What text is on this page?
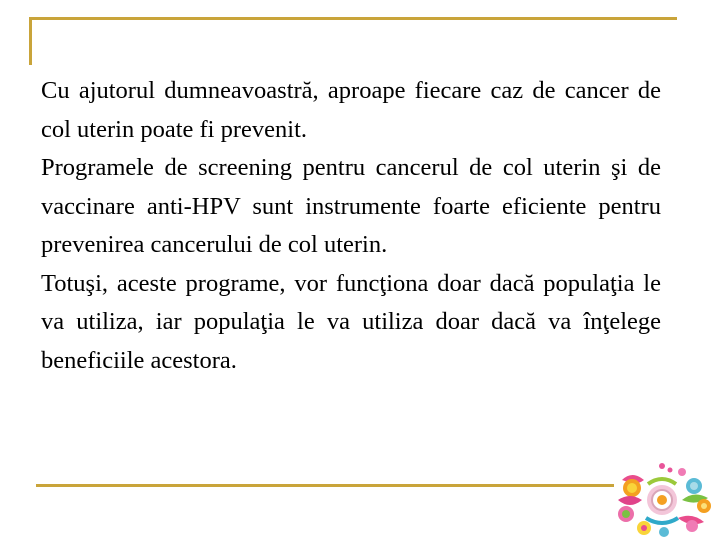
Cu ajutorul dumneavoastră, aproape fiecare caz de cancer de col uterin poate fi prevenit.

Programele de screening pentru cancerul de col uterin şi de vaccinare anti-HPV sunt instrumente foarte eficiente pentru prevenirea cancerului de col uterin.

Totuşi, aceste programe, vor funcţiona doar dacă populaţia le va utiliza, iar populaţia le va utiliza doar dacă va înţelege beneficiile acestora.
